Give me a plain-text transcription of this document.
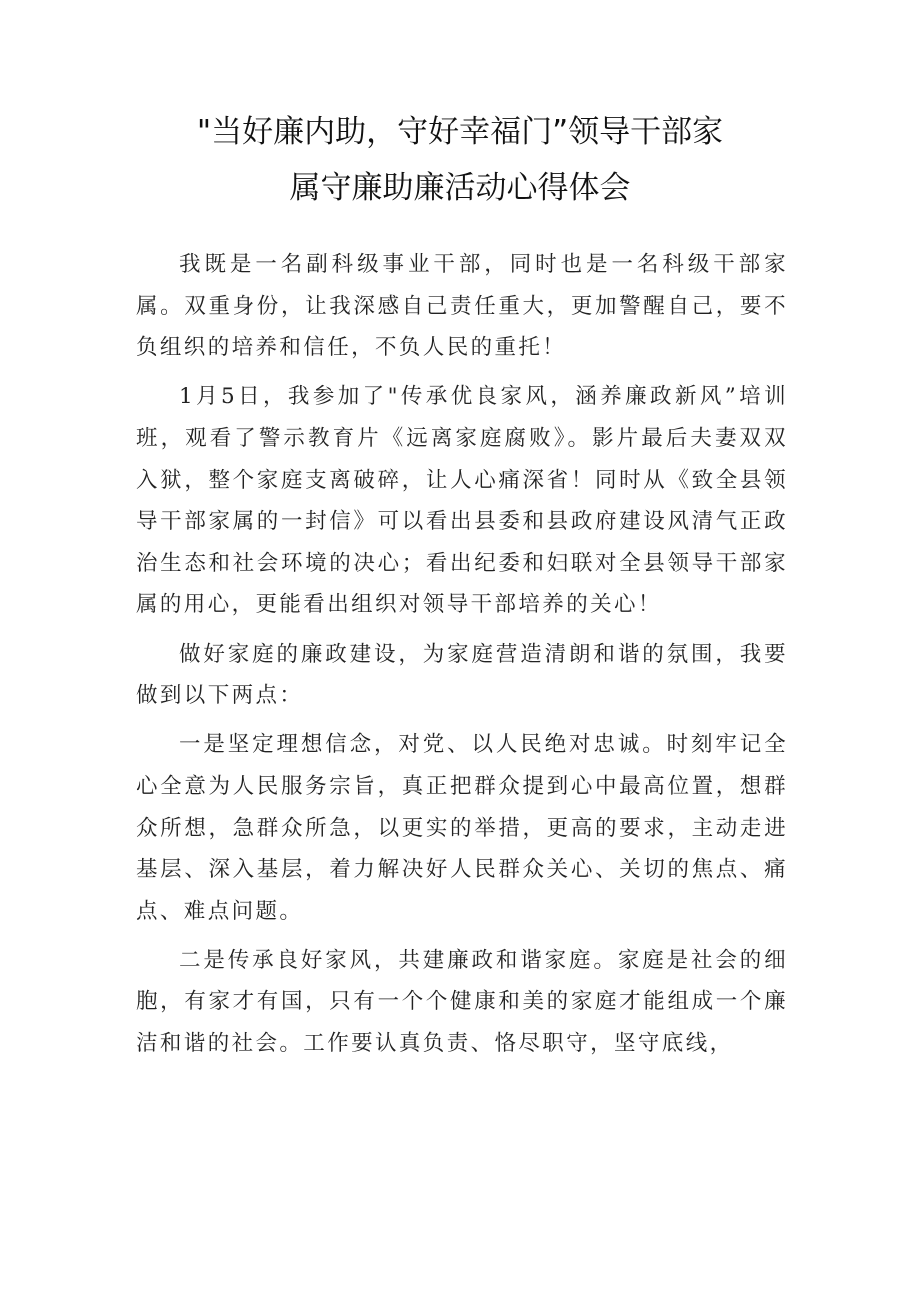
"当好廉内助，守好幸福门”领导干部家
属守廉助廉活动心得体会

我既是一名副科级事业干部，同时也是一名科级干部家属。双重身份，让我深感自己责任重大，更加警醒自己，要不负组织的培养和信任，不负人民的重托！

1月5日，我参加了"传承优良家风，涵养廉政新风”培训班，观看了警示教育片《远离家庭腐败》。影片最后夫妻双双入狱，整个家庭支离破碎，让人心痛深省！同时从《致全县领导干部家属的一封信》可以看出县委和县政府建设风清气正政治生态和社会环境的决心；看出纪委和妇联对全县领导干部家属的用心，更能看出组织对领导干部培养的关心！

做好家庭的廉政建设，为家庭营造清朗和谐的氛围，我要做到以下两点：

一是坚定理想信念，对党、以人民绝对忠诚。时刻牢记全心全意为人民服务宗旨，真正把群众提到心中最高位置，想群众所想，急群众所急，以更实的举措，更高的要求，主动走进基层、深入基层，着力解决好人民群众关心、关切的焦点、痛点、难点问题。

二是传承良好家风，共建廉政和谐家庭。家庭是社会的细胞，有家才有国，只有一个个健康和美的家庭才能组成一个廉洁和谐的社会。工作要认真负责、恪尽职守，坚守底线，
